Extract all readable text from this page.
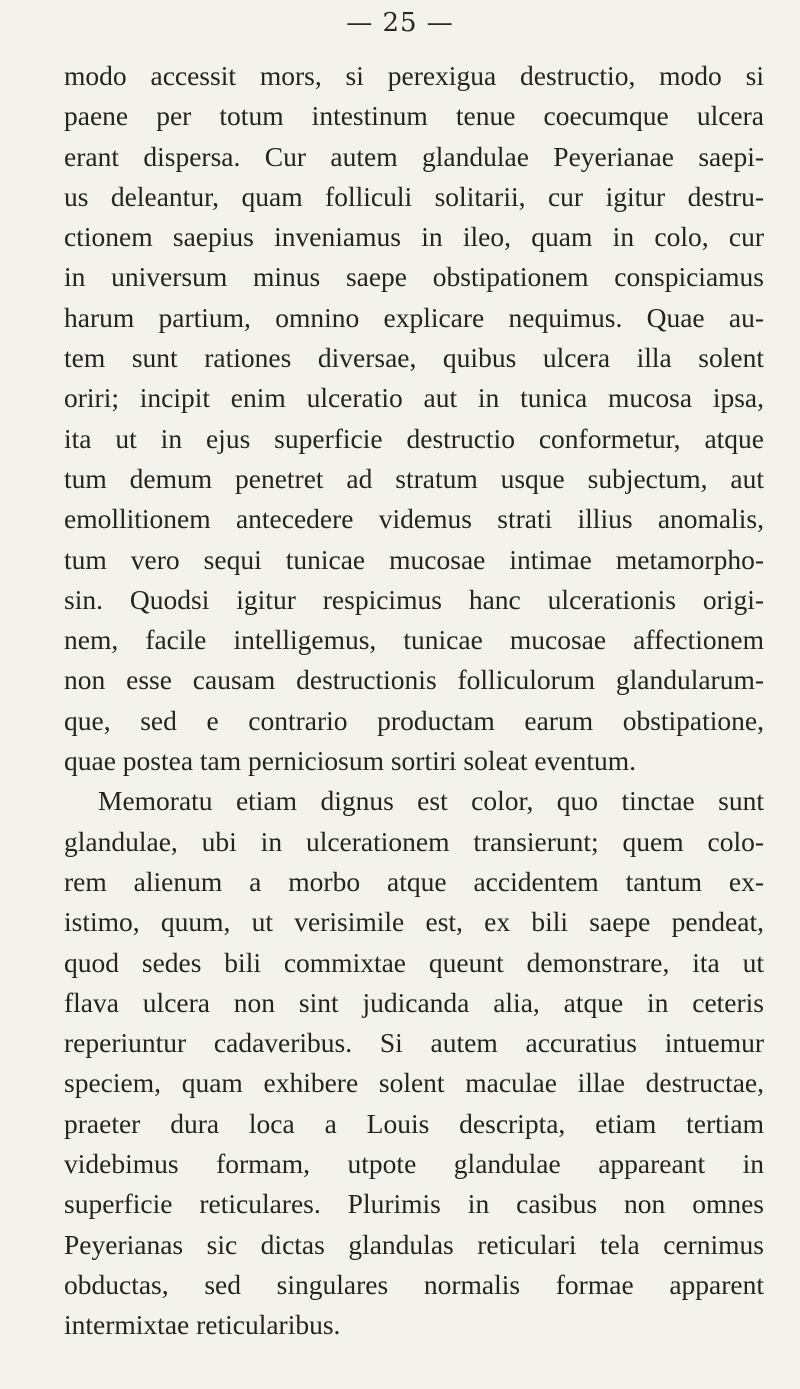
— 25 —
modo accessit mors, si perexigua destructio, modo si
paene per totum intestinum tenue coecumque ulcera
erant dispersa. Cur autem glandulae Peyerianae saepi-
us deleantur, quam folliculi solitarii, cur igitur destru-
ctionem saepius inveniamus in ileo, quam in colo, cur
in universum minus saepe obstipationem conspiciamus
harum partium, omnino explicare nequimus. Quae au-
tem sunt rationes diversae, quibus ulcera illa solent
oriri; incipit enim ulceratio aut in tunica mucosa ipsa,
ita ut in ejus superficie destructio conformetur, atque
tum demum penetret ad stratum usque subjectum, aut
emollitionem antecedere videmus strati illius anomalis,
tum vero sequi tunicae mucosae intimae metamorpho-
sin. Quodsi igitur respicimus hanc ulcerationis origi-
nem, facile intelligemus, tunicae mucosae affectionem
non esse causam destructionis folliculorum glandularum-
que, sed e contrario productam earum obstipatione,
quae postea tam perniciosum sortiri soleat eventum.
Memoratu etiam dignus est color, quo tinctae sunt
glandulae, ubi in ulcerationem transierunt; quem colo-
rem alienum a morbo atque accidentem tantum ex-
istimo, quum, ut verisimile est, ex bili saepe pendeat,
quod sedes bili commixtae queunt demonstrare, ita ut
flava ulcera non sint judicanda alia, atque in ceteris
reperiuntur cadaveribus. Si autem accuratius intuemur
speciem, quam exhibere solent maculae illae destructae,
praeter dura loca a Louis descripta, etiam tertiam
videbimus formam, utpote glandulae appareant in
superficie reticulares. Plurimis in casibus non omnes
Peyerianas sic dictas glandulas reticulari tela cernimus
obductas, sed singulares normalis formae apparent
intermixtae reticularibus.
